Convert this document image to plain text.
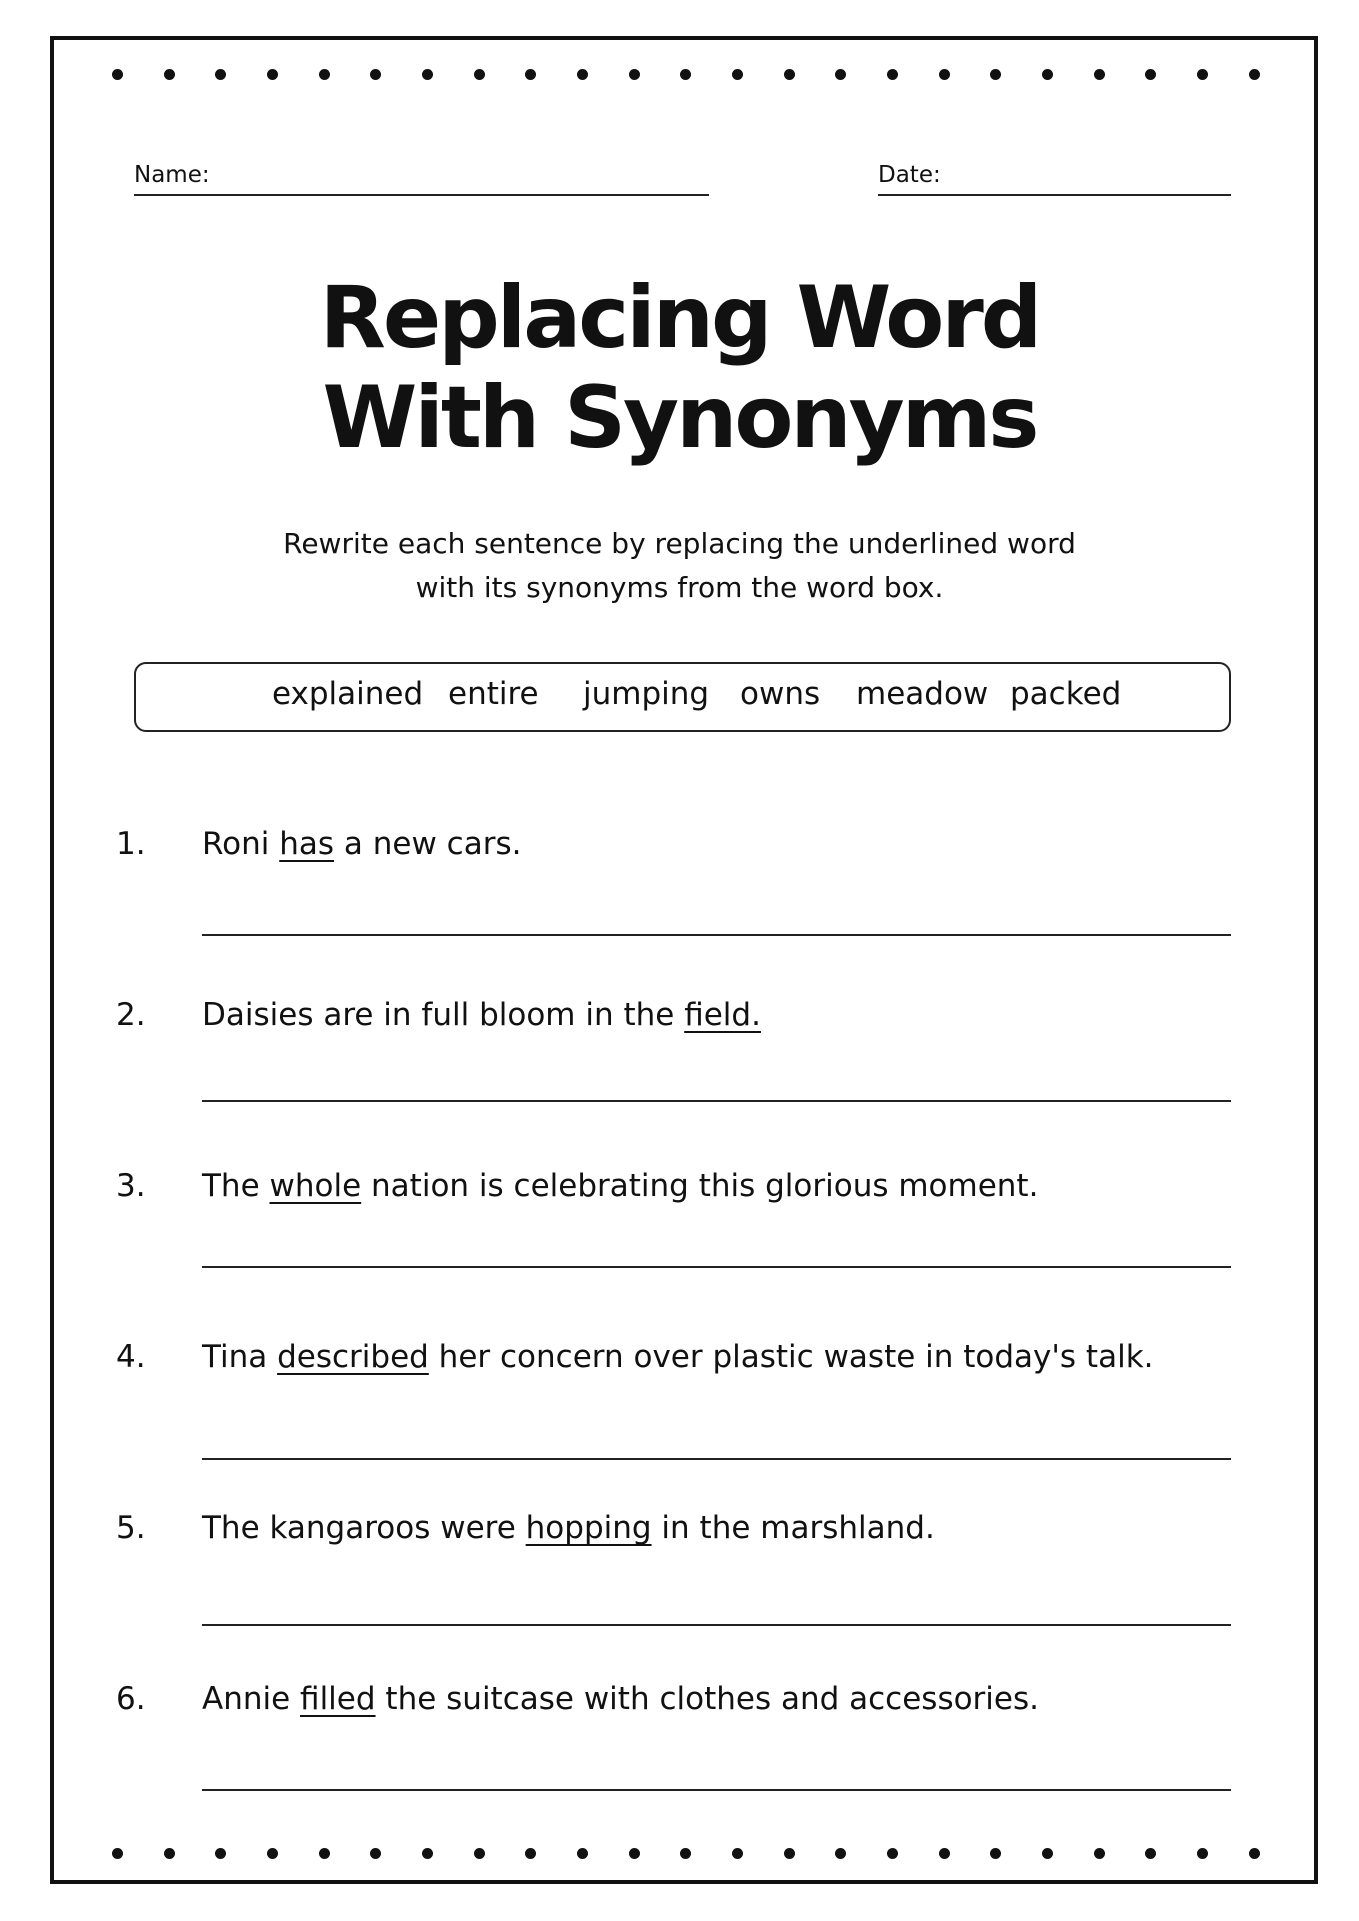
Name:	Date:
Replacing Word
With Synonyms
Rewrite each sentence by replacing the underlined word
with its synonyms from the word box.
explained entire jumping owns meadow packed
1. Roni has a new cars.
2. Daisies are in full bloom in the field.
3. The whole nation is celebrating this glorious moment.
4. Tina described her concern over plastic waste in today's talk.
5. The kangaroos were hopping in the marshland.
6. Annie filled the suitcase with clothes and accessories.
